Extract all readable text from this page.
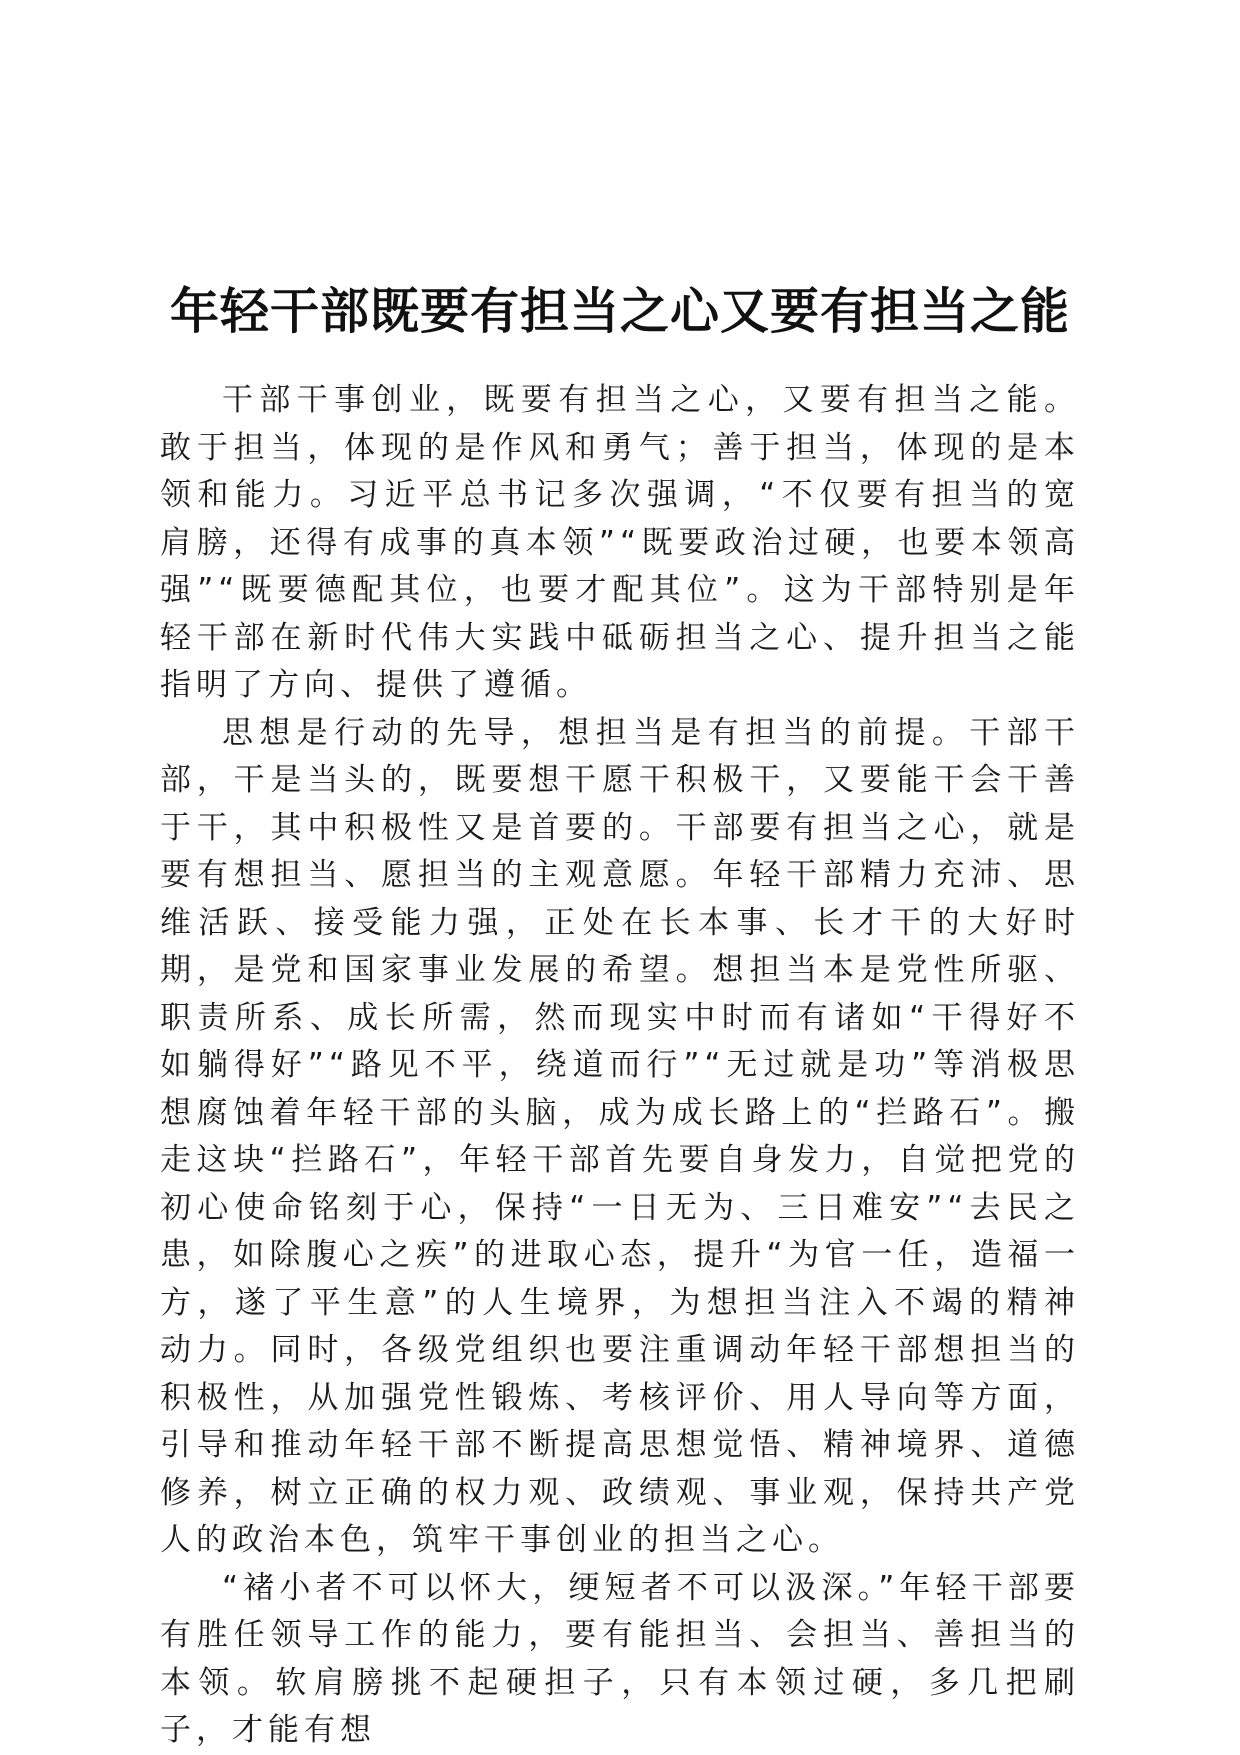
年轻干部既要有担当之心又要有担当之能

干部干事创业，既要有担当之心，又要有担当之能。敢于担当，体现的是作风和勇气；善于担当，体现的是本领和能力。习近平总书记多次强调，“不仅要有担当的宽肩膀，还得有成事的真本领”“既要政治过硬，也要本领高强”“既要德配其位，也要才配其位”。这为干部特别是年轻干部在新时代伟大实践中砥砺担当之心、提升担当之能指明了方向、提供了遵循。

思想是行动的先导，想担当是有担当的前提。干部干部，干是当头的，既要想干愿干积极干，又要能干会干善于干，其中积极性又是首要的。干部要有担当之心，就是要有想担当、愿担当的主观意愿。年轻干部精力充沛、思维活跃、接受能力强，正处在长本事、长才干的大好时期，是党和国家事业发展的希望。想担当本是党性所驱、职责所系、成长所需，然而现实中时而有诸如“干得好不如躺得好”“路见不平，绕道而行”“无过就是功”等消极思想腐蚀着年轻干部的头脑，成为成长路上的“拦路石”。搬走这块“拦路石”，年轻干部首先要自身发力，自觉把党的初心使命铭刻于心，保持“一日无为、三日难安”“去民之患，如除腹心之疾”的进取心态，提升“为官一任，造福一方，遂了平生意”的人生境界，为想担当注入不竭的精神动力。同时，各级党组织也要注重调动年轻干部想担当的积极性，从加强党性锻炼、考核评价、用人导向等方面，引导和推动年轻干部不断提高思想觉悟、精神境界、道德修养，树立正确的权力观、政绩观、事业观，保持共产党人的政治本色，筑牢干事创业的担当之心。

“褚小者不可以怀大，绠短者不可以汲深。”年轻干部要有胜任领导工作的能力，要有能担当、会担当、善担当的本领。软肩膀挑不起硬担子，只有本领过硬，多几把刷子，才能有想
